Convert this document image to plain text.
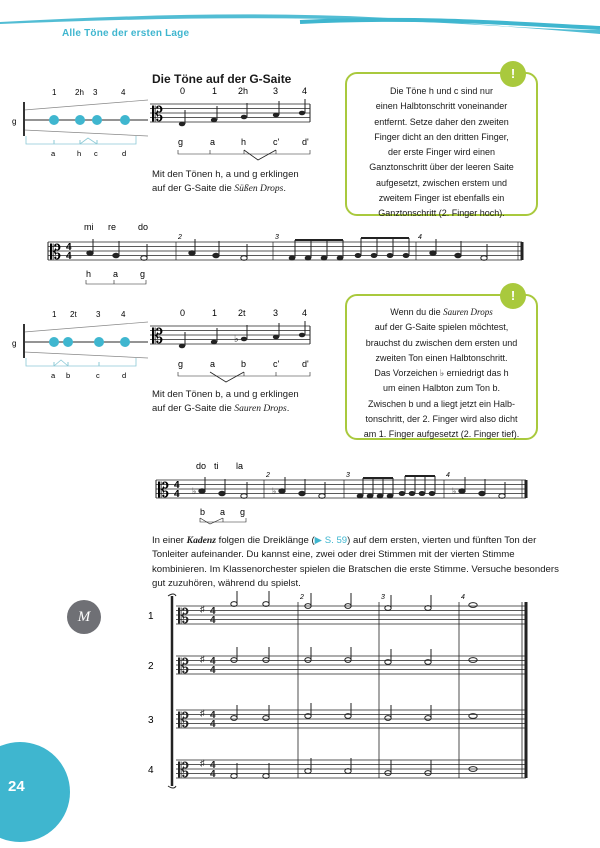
Alle Töne der ersten Lage
Die Töne auf der G-Saite
1 2h 3	4
g
a	h c	d
0	1 2h	3	4
𝄡
g	a	h	c'	d'
Mit den Tönen h, a und g erklingen
auf der G-Saite die Süßen Drops.
Die Töne h und c sind nur
einen Halbtonschritt voneinander
entfernt. Setze daher den zweiten
Finger dicht an den dritten Finger,
der erste Finger wird einen
Ganztonschritt über der leeren Saite
aufgesetzt, zwischen erstem und
zweitem Finger ist ebenfalls ein
Ganztonschritt (2. Finger hoch).
!
mi re do
𝄡 4
4
2	3	4
h a g
1 2t 3	4
g
a b	c	d
0	1 2t	3	4
𝄡	♭
g	a	b	c'	d'
Mit den Tönen b, a und g erklingen
auf der G-Saite die Sauren Drops.
Wenn du die Sauren Drops
auf der G-Saite spielen möchtest,
brauchst du zwischen dem ersten und
zweiten Ton einen Halbtonschritt.
Das Vorzeichen ♭ erniedrigt das h
um einen Halbton zum Ton b.
Zwischen b und a liegt jetzt ein Halb-
tonschritt, der 2. Finger wird also dicht
am 1. Finger aufgesetzt (2. Finger tief).
!
do ti la
𝄡 4
4
2	3	4
♭	♭	♭
b a g
In einer Kadenz folgen die Dreiklänge (▶ S. 59) auf dem ersten, vierten und fünften Ton der Tonleiter aufeinander. Du kannst eine, zwei oder drei Stimmen mit der vierten Stimme kombinieren. Im Klassenorchester spielen die Bratschen die erste Stimme. Versuche besonders gut zuzuhören, während du spielst.
M	1
2
3
4
2	3	4
𝄡 ♯ 4
4
𝄡 ♯ 4
4
𝄡 ♯ 4
4
𝄡 ♯ 4
4
24
